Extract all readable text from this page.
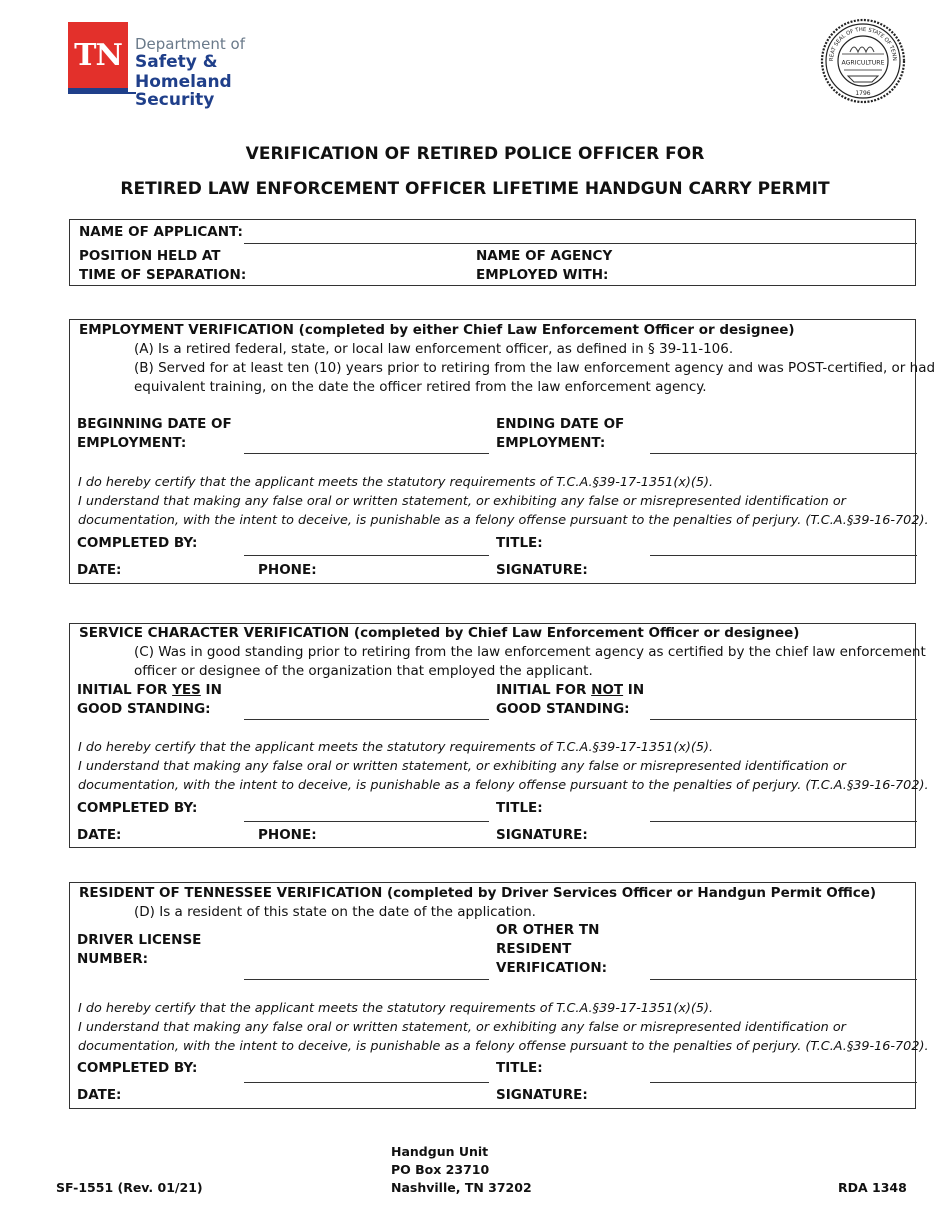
TN Department of
Safety &
Homeland Security
AGRICULTURE
1796
REAT SEAL OF THE STATE OF TENN
VERIFICATION OF RETIRED POLICE OFFICER FOR
RETIRED LAW ENFORCEMENT OFFICER LIFETIME HANDGUN CARRY PERMIT
NAME OF APPLICANT:
POSITION HELD AT
TIME OF SEPARATION:
NAME OF AGENCY
EMPLOYED WITH:
EMPLOYMENT VERIFICATION (completed by either Chief Law Enforcement Officer or designee)
(A) Is a retired federal, state, or local law enforcement officer, as defined in § 39-11-106.
(B) Served for at least ten (10) years prior to retiring from the law enforcement agency and was POST-certified, or had
equivalent training, on the date the officer retired from the law enforcement agency.
BEGINNING DATE OF
EMPLOYMENT:
ENDING DATE OF
EMPLOYMENT:
I do hereby certify that the applicant meets the statutory requirements of T.C.A.§39-17-1351(x)(5).
I understand that making any false oral or written statement, or exhibiting any false or misrepresented identification or
documentation, with the intent to deceive, is punishable as a felony offense pursuant to the penalties of perjury. (T.C.A.§39-16-702).
COMPLETED BY:	TITLE:
DATE:	PHONE:	SIGNATURE:
SERVICE CHARACTER VERIFICATION (completed by Chief Law Enforcement Officer or designee)
(C) Was in good standing prior to retiring from the law enforcement agency as certified by the chief law enforcement
officer or designee of the organization that employed the applicant.
INITIAL FOR YES IN
GOOD STANDING:
INITIAL FOR NOT IN
GOOD STANDING:
I do hereby certify that the applicant meets the statutory requirements of T.C.A.§39-17-1351(x)(5).
I understand that making any false oral or written statement, or exhibiting any false or misrepresented identification or
documentation, with the intent to deceive, is punishable as a felony offense pursuant to the penalties of perjury. (T.C.A.§39-16-702).
COMPLETED BY:	TITLE:
DATE:	PHONE:	SIGNATURE:
RESIDENT OF TENNESSEE VERIFICATION (completed by Driver Services Officer or Handgun Permit Office)
(D) Is a resident of this state on the date of the application.
DRIVER LICENSE
NUMBER:
OR OTHER TN
RESIDENT
VERIFICATION:
I do hereby certify that the applicant meets the statutory requirements of T.C.A.§39-17-1351(x)(5).
I understand that making any false oral or written statement, or exhibiting any false or misrepresented identification or
documentation, with the intent to deceive, is punishable as a felony offense pursuant to the penalties of perjury. (T.C.A.§39-16-702).
COMPLETED BY:	TITLE:
DATE:	SIGNATURE:
SF-1551 (Rev. 01/21)
Handgun Unit
PO Box 23710
Nashville, TN 37202	RDA 1348
